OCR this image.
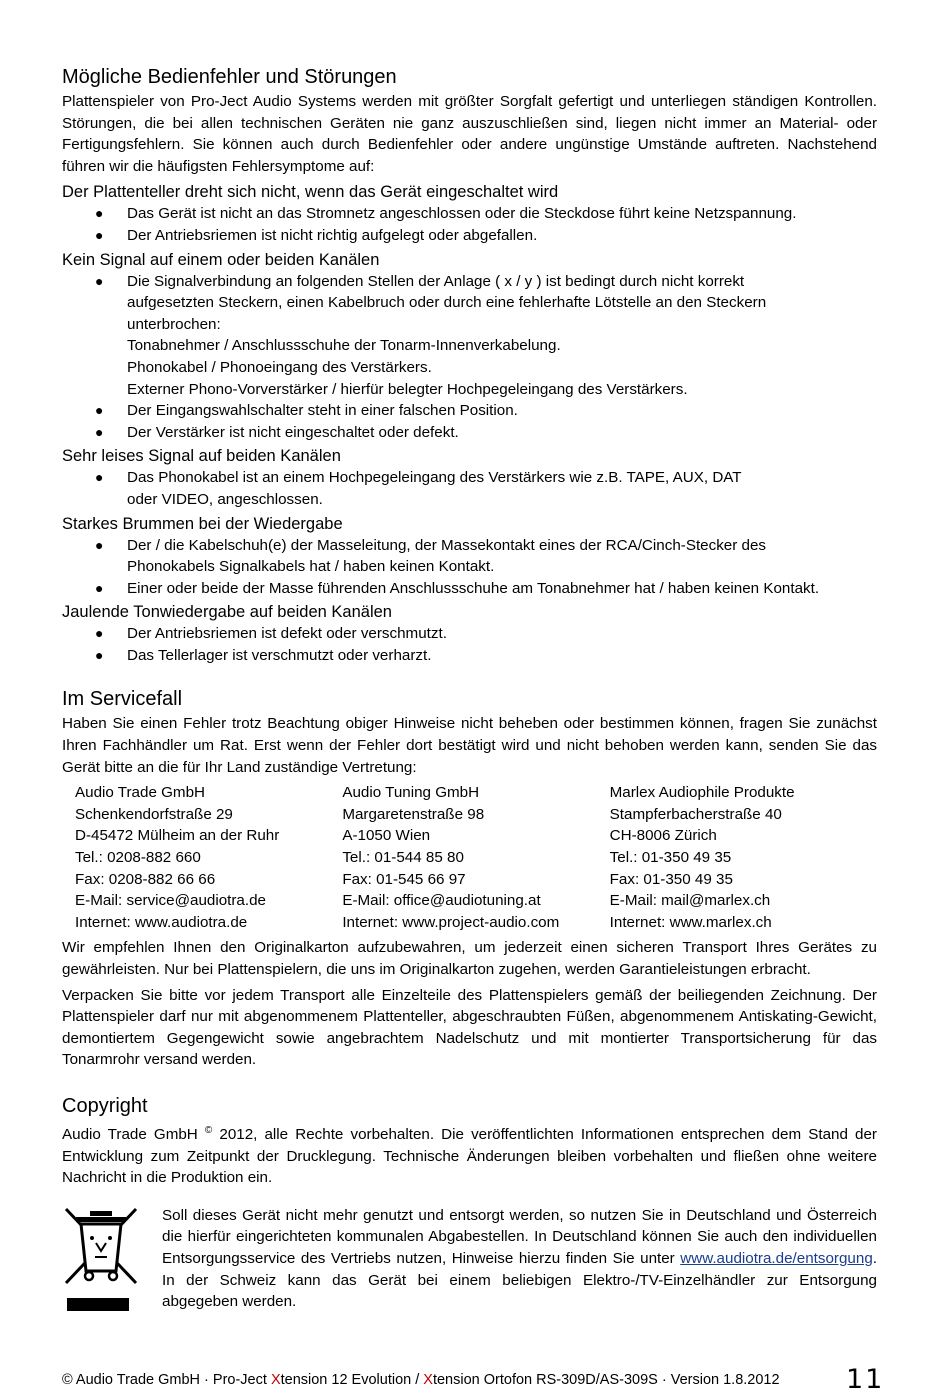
Mögliche Bedienfehler und Störungen

Plattenspieler von Pro-Ject Audio Systems werden mit größter Sorgfalt gefertigt und unterliegen ständigen Kontrollen. Störungen, die bei allen technischen Geräten nie ganz auszuschließen sind, liegen nicht immer an Material- oder Fertigungsfehlern. Sie können auch durch Bedienfehler oder andere ungünstige Umstände auftreten. Nachstehend führen wir die häufigsten Fehlersymptome auf:

Der Plattenteller dreht sich nicht, wenn das Gerät eingeschaltet wird
● Das Gerät ist nicht an das Stromnetz angeschlossen oder die Steckdose führt keine Netzspannung.
● Der Antriebsriemen ist nicht richtig aufgelegt oder abgefallen.
Kein Signal auf einem oder beiden Kanälen
● Die Signalverbindung an folgenden Stellen der Anlage ( x / y ) ist bedingt durch nicht korrekt
aufgesetzten Steckern, einen Kabelbruch oder durch eine fehlerhafte Lötstelle an den Steckern
unterbrochen:
Tonabnehmer / Anschlussschuhe der Tonarm-Innenverkabelung.
Phonokabel / Phonoeingang des Verstärkers.
Externer Phono-Vorverstärker / hierfür belegter Hochpegeleingang des Verstärkers.
● Der Eingangswahlschalter steht in einer falschen Position.
● Der Verstärker ist nicht eingeschaltet oder defekt.
Sehr leises Signal auf beiden Kanälen
● Das Phonokabel ist an einem Hochpegeleingang des Verstärkers wie z.B. TAPE, AUX, DAT
oder VIDEO, angeschlossen.
Starkes Brummen bei der Wiedergabe
● Der / die Kabelschuh(e) der Masseleitung, der Massekontakt eines der RCA/Cinch-Stecker des
Phonokabels Signalkabels hat / haben keinen Kontakt.
● Einer oder beide der Masse führenden Anschlussschuhe am Tonabnehmer hat / haben keinen Kontakt.
Jaulende Tonwiedergabe auf beiden Kanälen
● Der Antriebsriemen ist defekt oder verschmutzt.
● Das Tellerlager ist verschmutzt oder verharzt.
Im Servicefall

Haben Sie einen Fehler trotz Beachtung obiger Hinweise nicht beheben oder bestimmen können, fragen Sie zunächst Ihren Fachhändler um Rat. Erst wenn der Fehler dort bestätigt wird und nicht behoben werden kann, senden Sie das Gerät bitte an die für Ihr Land zuständige Vertretung:

Audio Trade GmbH
Schenkendorfstraße 29
D-45472 Mülheim an der Ruhr
Tel.: 0208-882 660
Fax: 0208-882 66 66
E-Mail: service@audiotra.de
Internet: www.audiotra.de
Audio Tuning GmbH
Margaretenstraße 98
A-1050 Wien
Tel.: 01-544 85 80
Fax: 01-545 66 97
E-Mail: office@audiotuning.at
Internet: www.project-audio.com
Marlex Audiophile Produkte
Stampferbacherstraße 40
CH-8006 Zürich
Tel.: 01-350 49 35
Fax: 01-350 49 35
E-Mail: mail@marlex.ch
Internet: www.marlex.ch

Wir empfehlen Ihnen den Originalkarton aufzubewahren, um jederzeit einen sicheren Transport Ihres Gerätes zu gewährleisten. Nur bei Plattenspielern, die uns im Originalkarton zugehen, werden Garantieleistungen erbracht.

Verpacken Sie bitte vor jedem Transport alle Einzelteile des Plattenspielers gemäß der beiliegenden Zeichnung. Der Plattenspieler darf nur mit abgenommenem Plattenteller, abgeschraubten Füßen, abgenommenem Antiskating-Gewicht, demontiertem Gegengewicht sowie angebrachtem Nadelschutz und mit montierter Transportsicherung für das Tonarmrohr versand werden.

Copyright

Audio Trade GmbH © 2012, alle Rechte vorbehalten. Die veröffentlichten Informationen entsprechen dem Stand der Entwicklung zum Zeitpunkt der Drucklegung. Technische Änderungen bleiben vorbehalten und fließen ohne weitere Nachricht in die Produktion ein.

Soll dieses Gerät nicht mehr genutzt und entsorgt werden, so nutzen Sie in Deutschland und Österreich die hierfür eingerichteten kommunalen Abgabestellen. In Deutschland können Sie auch den individuellen Entsorgungsservice des Vertriebs nutzen, Hinweise hierzu finden Sie unter www.audiotra.de/entsorgung. In der Schweiz kann das Gerät bei einem beliebigen Elektro-/TV-Einzelhändler zur Entsorgung abgegeben werden.

© Audio Trade GmbH · Pro-Ject Xtension 12 Evolution / Xtension Ortofon RS-309D/AS-309S · Version 1.8.2012 11
